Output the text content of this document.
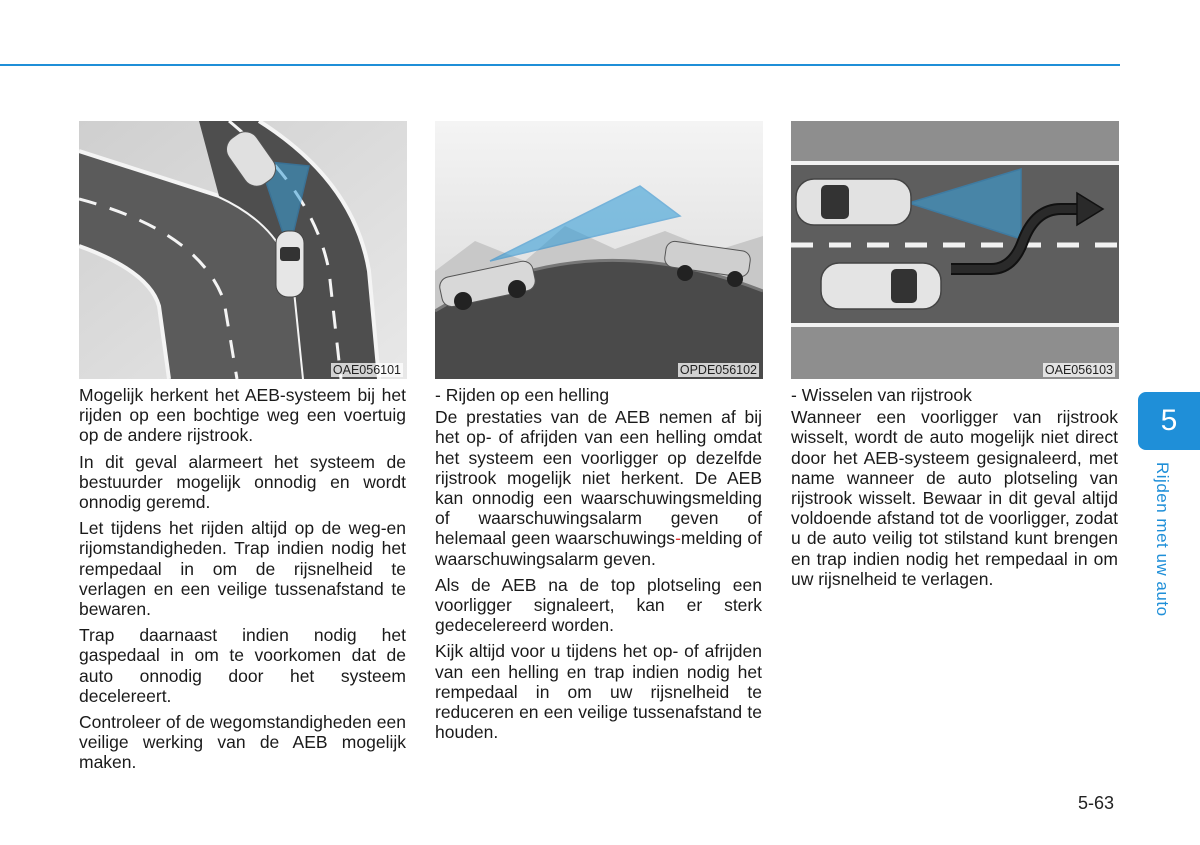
OAE056101	OPDE056102	OAE056103

Mogelijk herkent het AEB-systeem bij het rijden op een bochtige weg een voertuig op de andere rijstrook.

In dit geval alarmeert het systeem de bestuurder mogelijk onnodig en wordt onnodig geremd.

Let tijdens het rijden altijd op de weg-en rijomstandigheden. Trap indien nodig het rempedaal in om de rijsnelheid te verlagen en een veilige tussenafstand te bewaren.

Trap daarnaast indien nodig het gaspedaal in om te voorkomen dat de auto onnodig door het systeem decelereert.

Controleer of de wegomstandigheden een veilige werking van de AEB mogelijk maken.

- Rijden op een helling

De prestaties van de AEB nemen af bij het op- of afrijden van een helling omdat het systeem een voorligger op dezelfde rijstrook mogelijk niet herkent. De AEB kan onnodig een waarschuwingsmelding of waarschuwingsalarm geven of helemaal geen waarschuwings-melding of waarschuwingsalarm geven.

Als de AEB na de top plotseling een voorligger signaleert, kan er sterk gedecelereerd worden.

Kijk altijd voor u tijdens het op- of afrijden van een helling en trap indien nodig het rempedaal in om uw rijsnelheid te reduceren en een veilige tussenafstand te houden.

- Wisselen van rijstrook

Wanneer een voorligger van rijstrook wisselt, wordt de auto mogelijk niet direct door het AEB-systeem gesignaleerd, met name wanneer de auto plotseling van rijstrook wisselt. Bewaar in dit geval altijd voldoende afstand tot de voorligger, zodat u de auto veilig tot stilstand kunt brengen en trap indien nodig het rempedaal in om uw rijsnelheid te verlagen.

5
Rijden met uw auto
5-63
